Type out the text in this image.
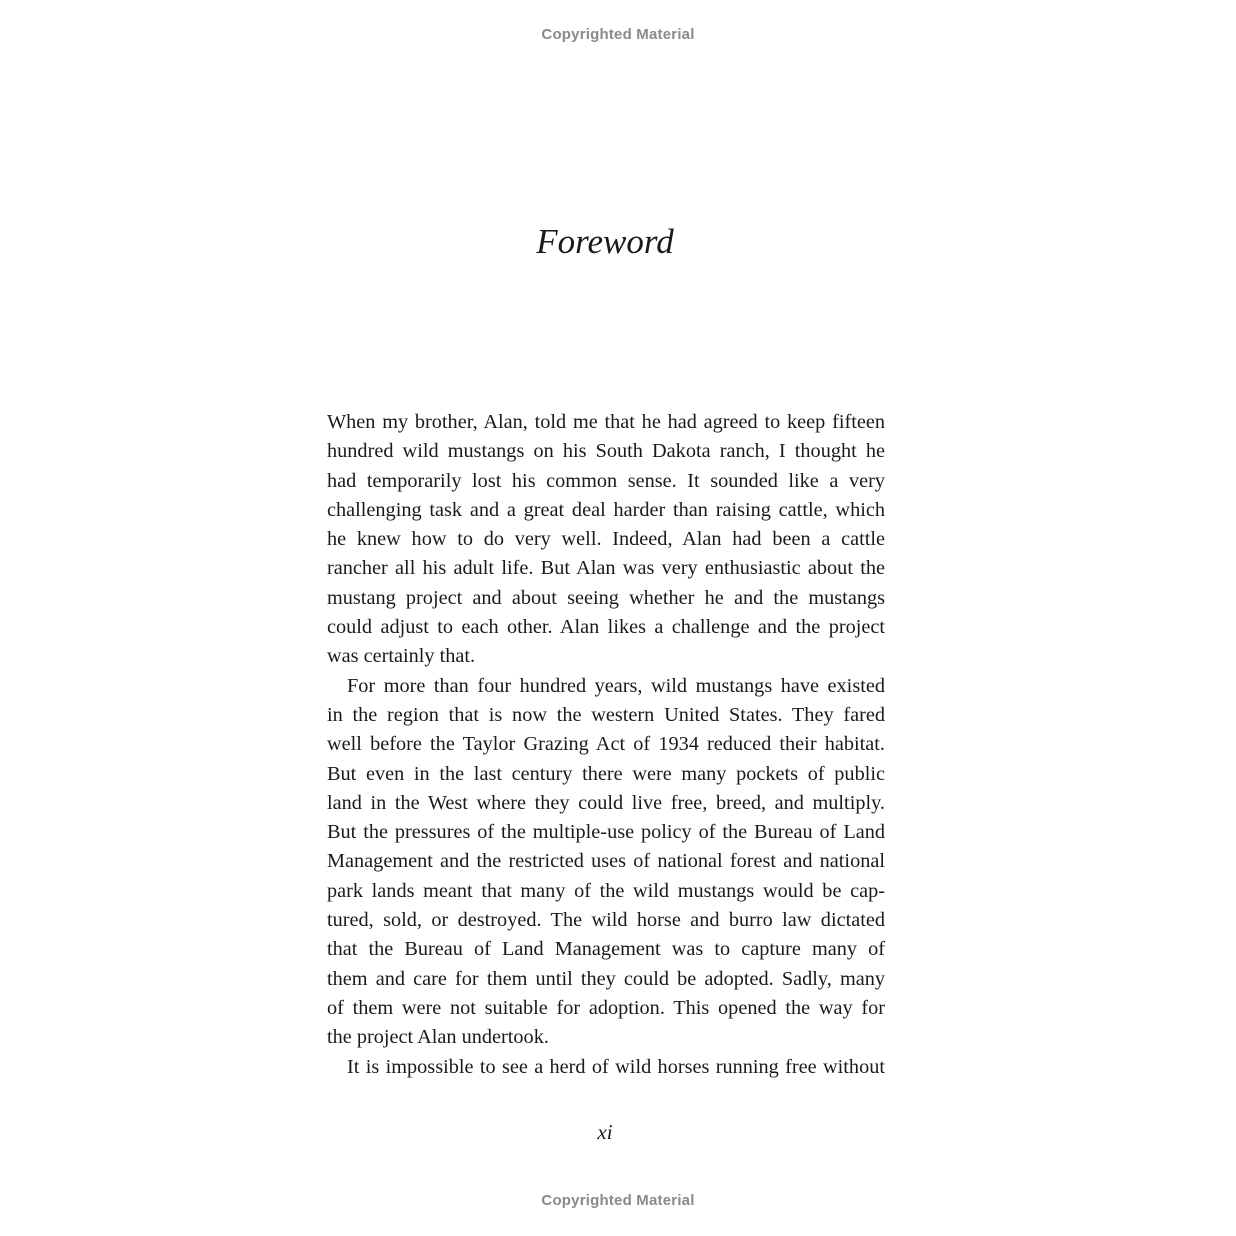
Copyrighted Material
Foreword
When my brother, Alan, told me that he had agreed to keep fifteen
hundred wild mustangs on his South Dakota ranch, I thought he
had temporarily lost his common sense. It sounded like a very
challenging task and a great deal harder than raising cattle, which
he knew how to do very well. Indeed, Alan had been a cattle
rancher all his adult life. But Alan was very enthusiastic about the
mustang project and about seeing whether he and the mustangs
could adjust to each other. Alan likes a challenge and the project
was certainly that.
For more than four hundred years, wild mustangs have existed
in the region that is now the western United States. They fared
well before the Taylor Grazing Act of 1934 reduced their habitat.
But even in the last century there were many pockets of public
land in the West where they could live free, breed, and multiply.
But the pressures of the multiple-use policy of the Bureau of Land
Management and the restricted uses of national forest and national
park lands meant that many of the wild mustangs would be cap-
tured, sold, or destroyed. The wild horse and burro law dictated
that the Bureau of Land Management was to capture many of
them and care for them until they could be adopted. Sadly, many
of them were not suitable for adoption. This opened the way for
the project Alan undertook.
It is impossible to see a herd of wild horses running free without
xi
Copyrighted Material
